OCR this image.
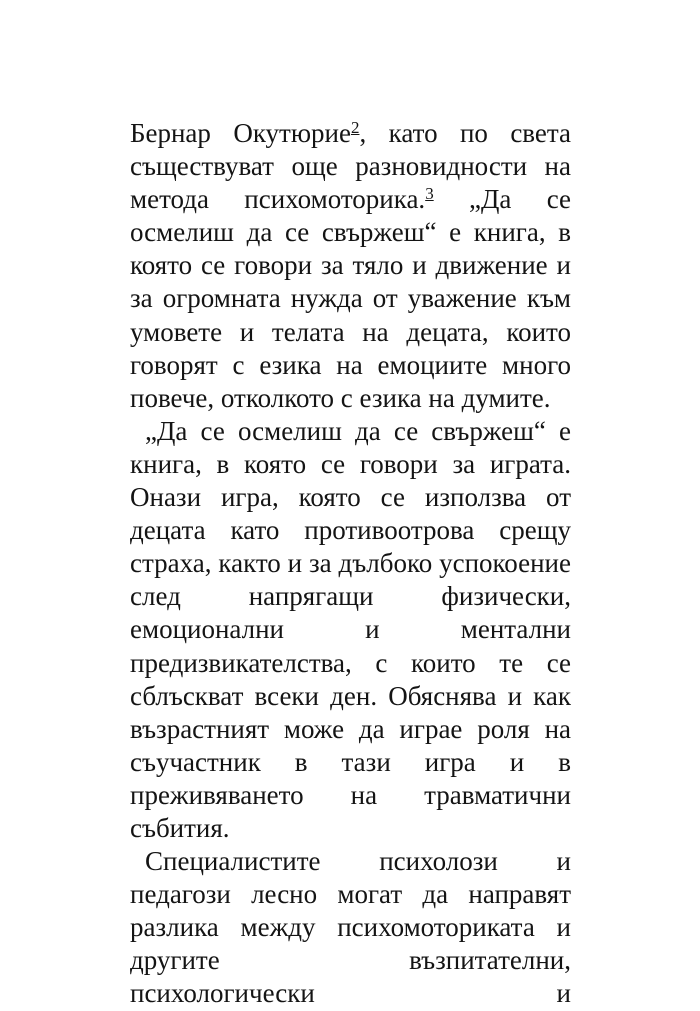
Бернар Окутюрие$^2$, като по света съществуват още разновидности на метода психомоторика.$^3$ „Да се осмелиш да се свържеш“ е книга, в която се говори за тяло и движение и за огромната нужда от уважение към умовете и телата на децата, които говорят с езика на емоциите много повече, отколкото с езика на думите.

„Да се осмелиш да се свържеш“ е книга, в която се говори за играта. Онази игра, която се използва от децата като противоотрова срещу страха, както и за дълбоко успокоение след напрягащи физически, емоционални и ментални предизвикателства, с които те се сблъскват всеки ден. Обяснява и как възрастният може да играе роля на съучастник в тази игра и в преживяването на травматични събития.

Специалистите психолози и педагози лесно могат да направят разлика между психомоториката и другите възпитателни, психологически и
